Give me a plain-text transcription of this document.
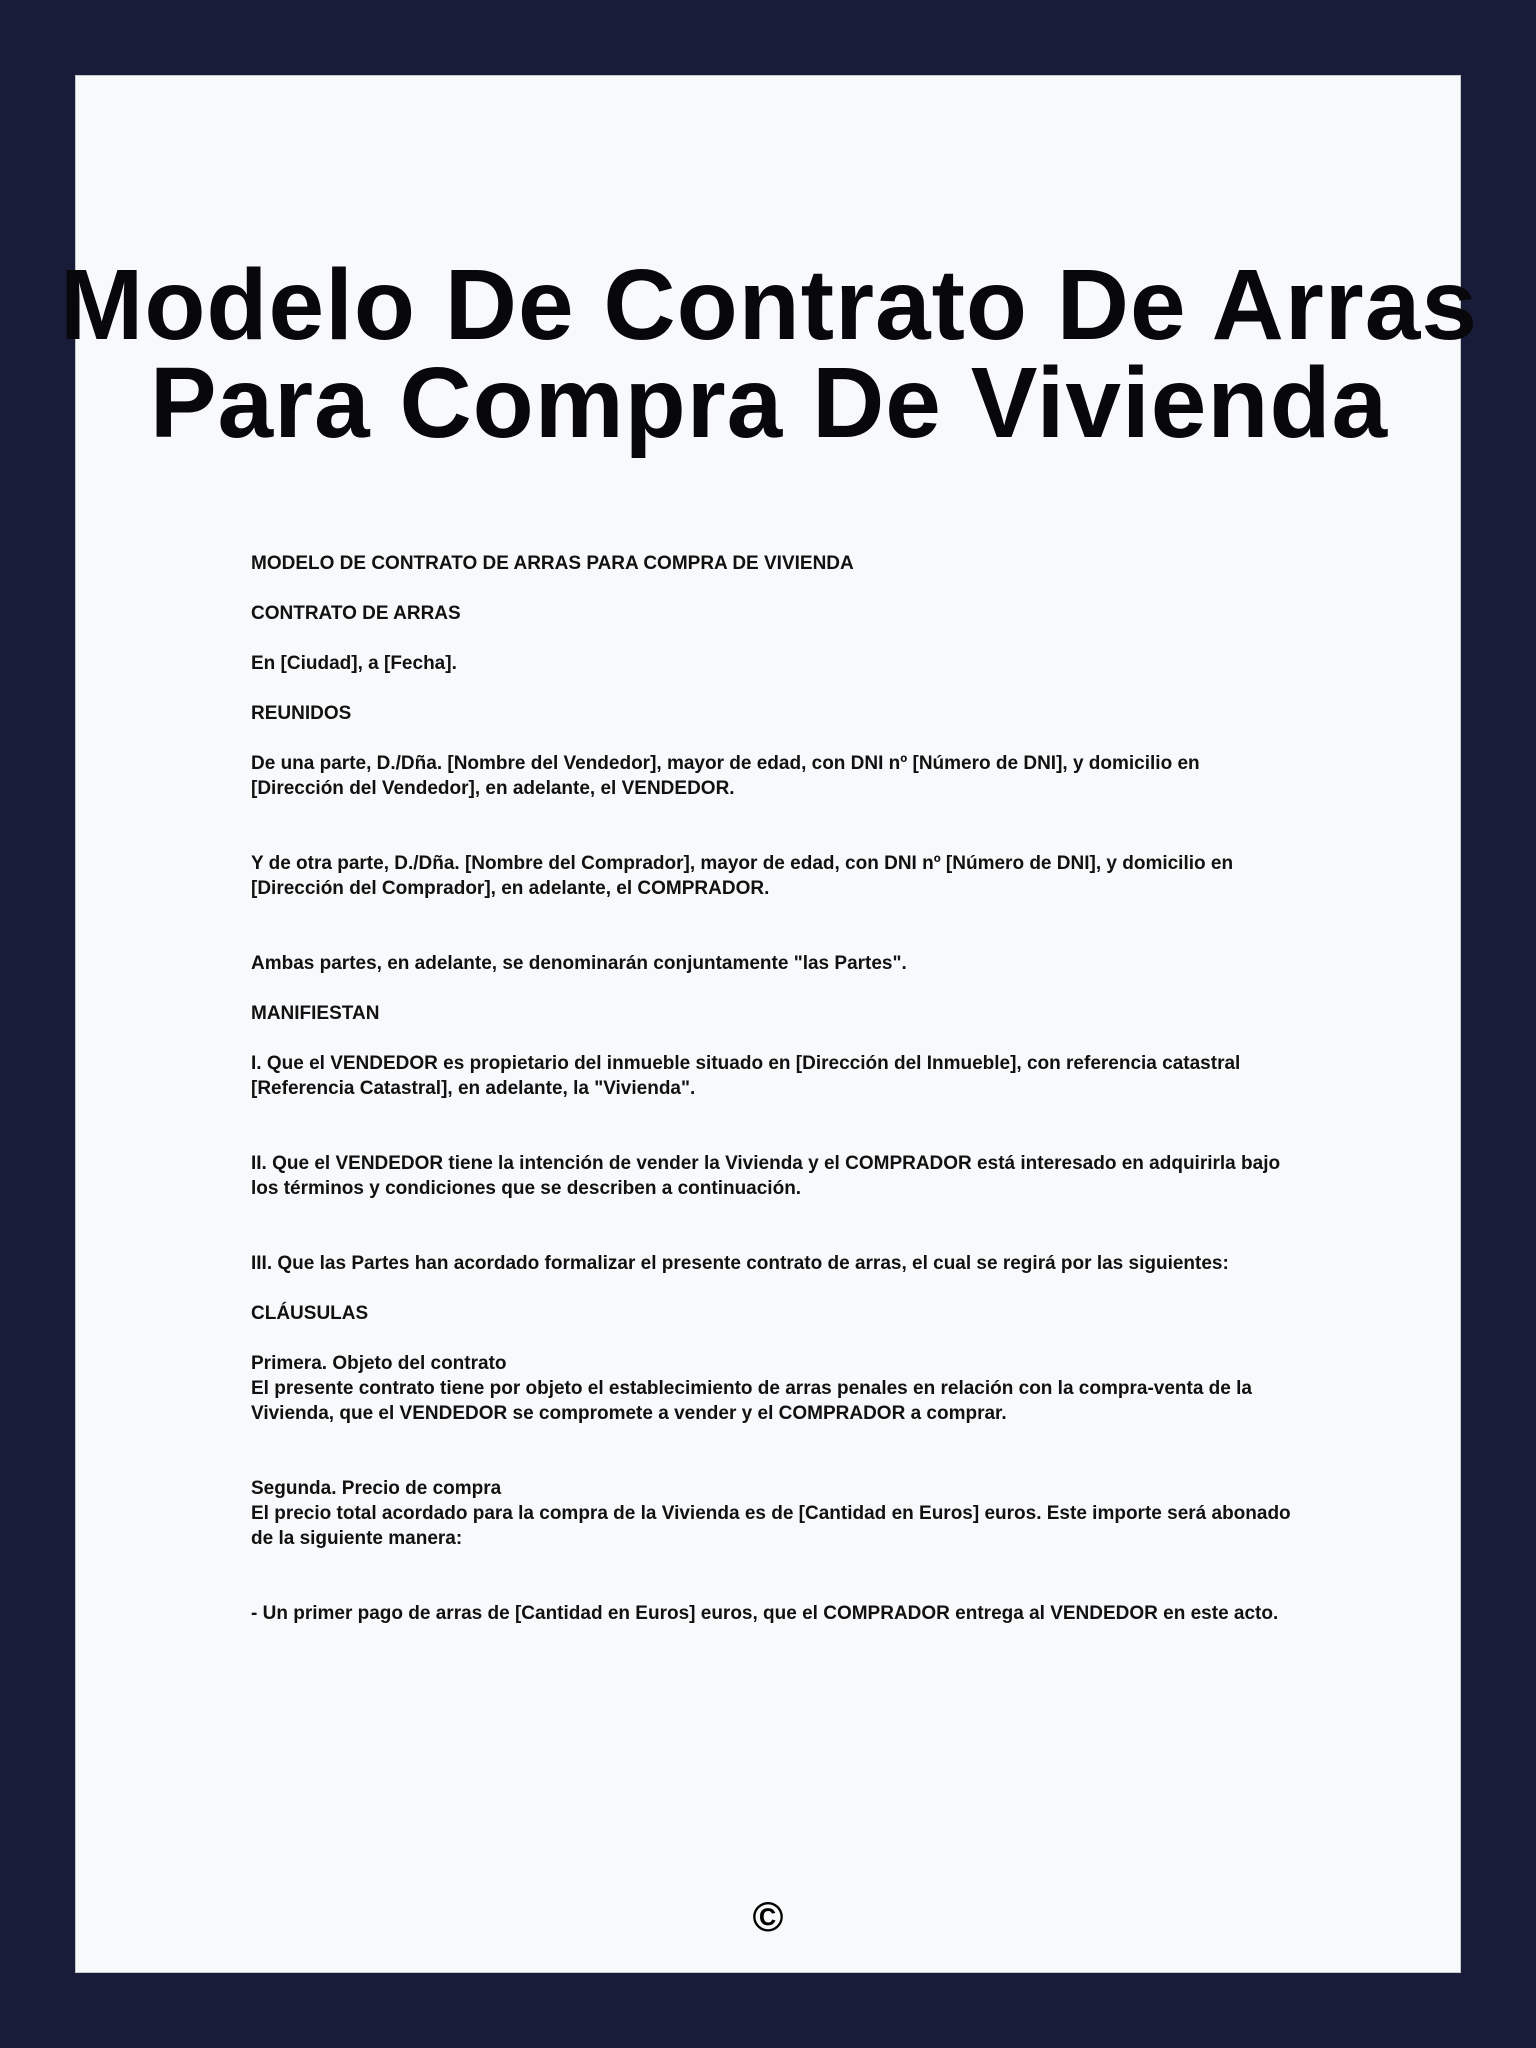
Modelo De Contrato De Arras Para Compra De Vivienda

MODELO DE CONTRATO DE ARRAS PARA COMPRA DE VIVIENDA

CONTRATO DE ARRAS

En [Ciudad], a [Fecha].

REUNIDOS

De una parte, D./Dña. [Nombre del Vendedor], mayor de edad, con DNI nº [Número de DNI], y domicilio en [Dirección del Vendedor], en adelante, el VENDEDOR.

Y de otra parte, D./Dña. [Nombre del Comprador], mayor de edad, con DNI nº [Número de DNI], y domicilio en [Dirección del Comprador], en adelante, el COMPRADOR.

Ambas partes, en adelante, se denominarán conjuntamente "las Partes".

MANIFIESTAN

I. Que el VENDEDOR es propietario del inmueble situado en [Dirección del Inmueble], con referencia catastral [Referencia Catastral], en adelante, la "Vivienda".

II. Que el VENDEDOR tiene la intención de vender la Vivienda y el COMPRADOR está interesado en adquirirla bajo los términos y condiciones que se describen a continuación.

III. Que las Partes han acordado formalizar el presente contrato de arras, el cual se regirá por las siguientes:

CLÁUSULAS

Primera. Objeto del contrato
El presente contrato tiene por objeto el establecimiento de arras penales en relación con la compra-venta de la Vivienda, que el VENDEDOR se compromete a vender y el COMPRADOR a comprar.

Segunda. Precio de compra
El precio total acordado para la compra de la Vivienda es de [Cantidad en Euros] euros. Este importe será abonado de la siguiente manera:

- Un primer pago de arras de [Cantidad en Euros] euros, que el COMPRADOR entrega al VENDEDOR en este acto.

©
